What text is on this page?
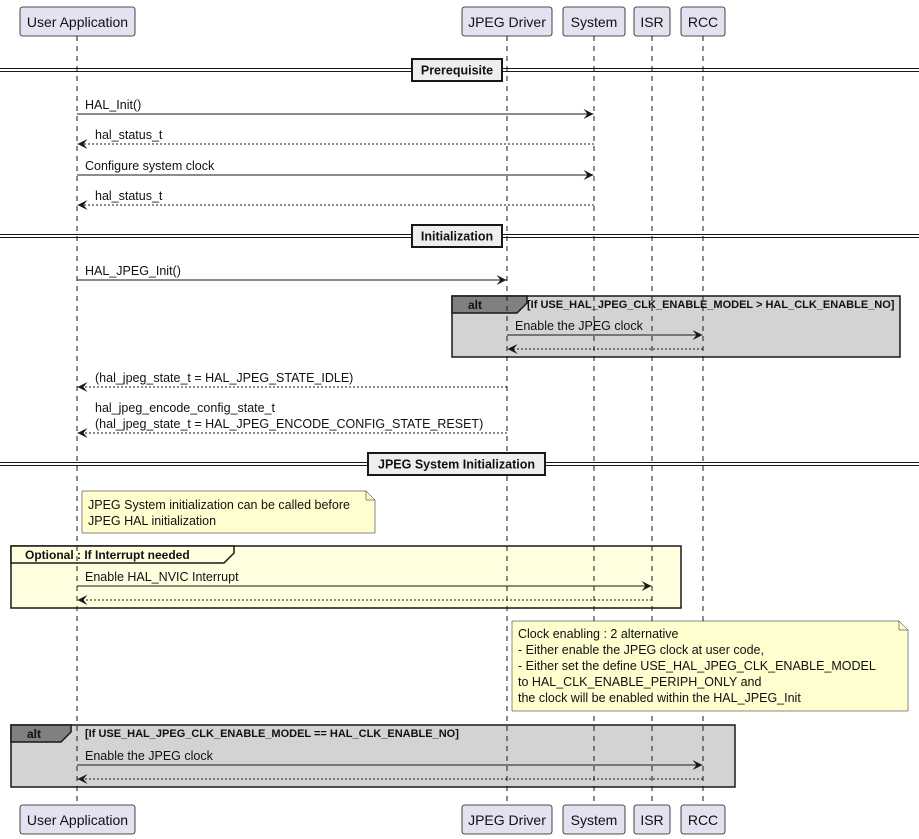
alt	[If USE_HAL_JPEG_CLK_ENABLE_MODEL > HAL_CLK_ENABLE_NO]
Optional : If Interrupt needed
alt	[If USE_HAL_JPEG_CLK_ENABLE_MODEL == HAL_CLK_ENABLE_NO]
Prerequisite
Initialization
JPEG System Initialization
JPEG System initialization can be called before
JPEG HAL initialization
Clock enabling : 2 alternative
- Either enable the JPEG clock at user code,
- Either set the define USE_HAL_JPEG_CLK_ENABLE_MODEL
to HAL_CLK_ENABLE_PERIPH_ONLY and
the clock will be enabled within the HAL_JPEG_Init
HAL_Init()
hal_status_t
Configure system clock
hal_status_t
HAL_JPEG_Init()
Enable the JPEG clock
(hal_jpeg_state_t = HAL_JPEG_STATE_IDLE)
hal_jpeg_encode_config_state_t
(hal_jpeg_state_t = HAL_JPEG_ENCODE_CONFIG_STATE_RESET)
Enable HAL_NVIC Interrupt
Enable the JPEG clock
User Application
User Application
JPEG Driver
JPEG Driver
System
System
ISR
ISR
RCC
RCC
